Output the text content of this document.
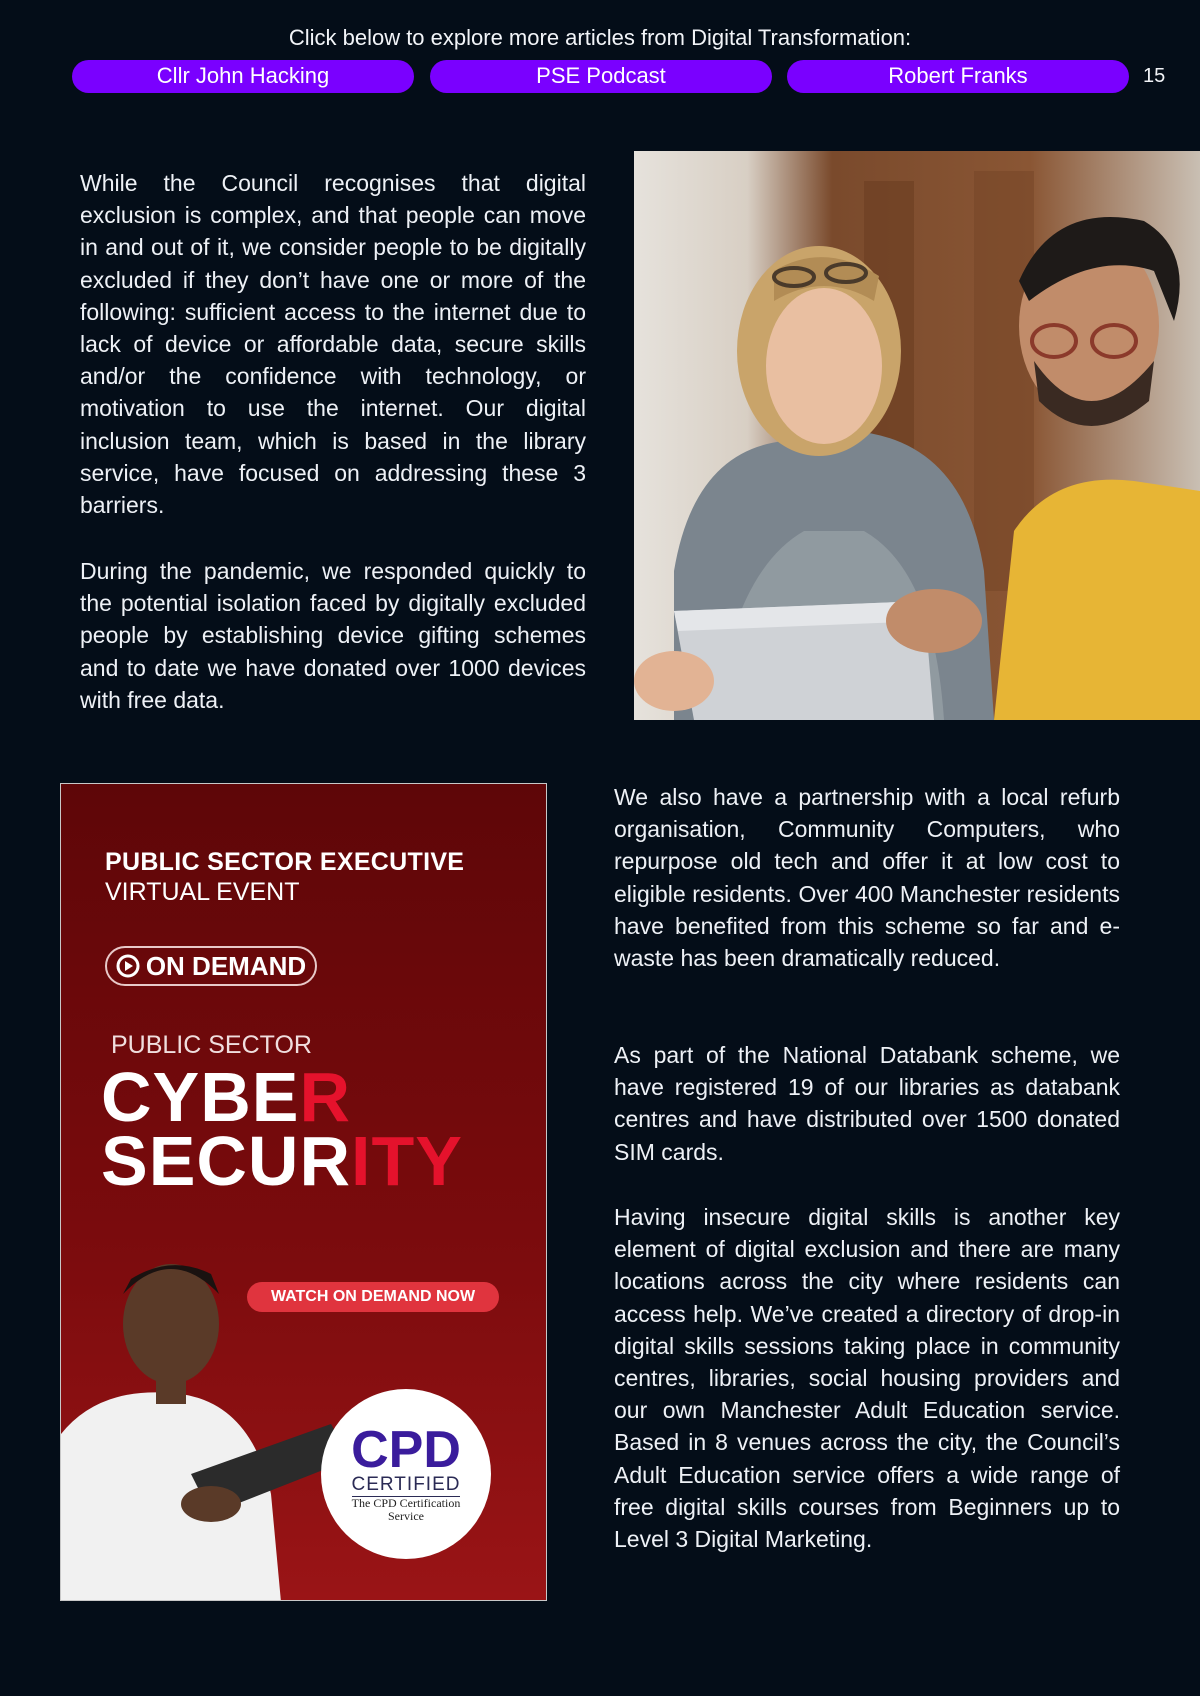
Click below to explore more articles from Digital Transformation:
Cllr John Hacking	PSE Podcast	Robert Franks	15

While the Council recognises that digital exclusion is complex, and that people can move in and out of it, we consider people to be digitally excluded if they don’t have one or more of the following: sufficient access to the internet due to lack of device or affordable data, secure skills and/or the confidence with technology, or motivation to use the internet. Our digital inclusion team, which is based in the library service, have focused on addressing these 3 barriers.

During the pandemic, we responded quickly to the potential isolation faced by digitally excluded people by establishing device gifting schemes and to date we have donated over 1000 devices with free data.

PUBLIC SECTOR EXECUTIVE
VIRTUAL EVENT
ON DEMAND
PUBLIC SECTOR
CYBER
SECURITY
WATCH ON DEMAND NOW
CPD
CERTIFIED
The CPD Certification Service

We also have a partnership with a local refurb organisation, Community Computers, who repurpose old tech and offer it at low cost to eligible residents. Over 400 Manchester residents have benefited from this scheme so far and e-waste has been dramatically reduced.

As part of the National Databank scheme, we have registered 19 of our libraries as databank centres and have distributed over 1500 donated SIM cards.

Having insecure digital skills is another key element of digital exclusion and there are many locations across the city where residents can access help. We’ve created a directory of drop-in digital skills sessions taking place in community centres, libraries, social housing providers and our own Manchester Adult Education service. Based in 8 venues across the city, the Council’s Adult Education service offers a wide range of free digital skills courses from Beginners up to Level 3 Digital Marketing.
